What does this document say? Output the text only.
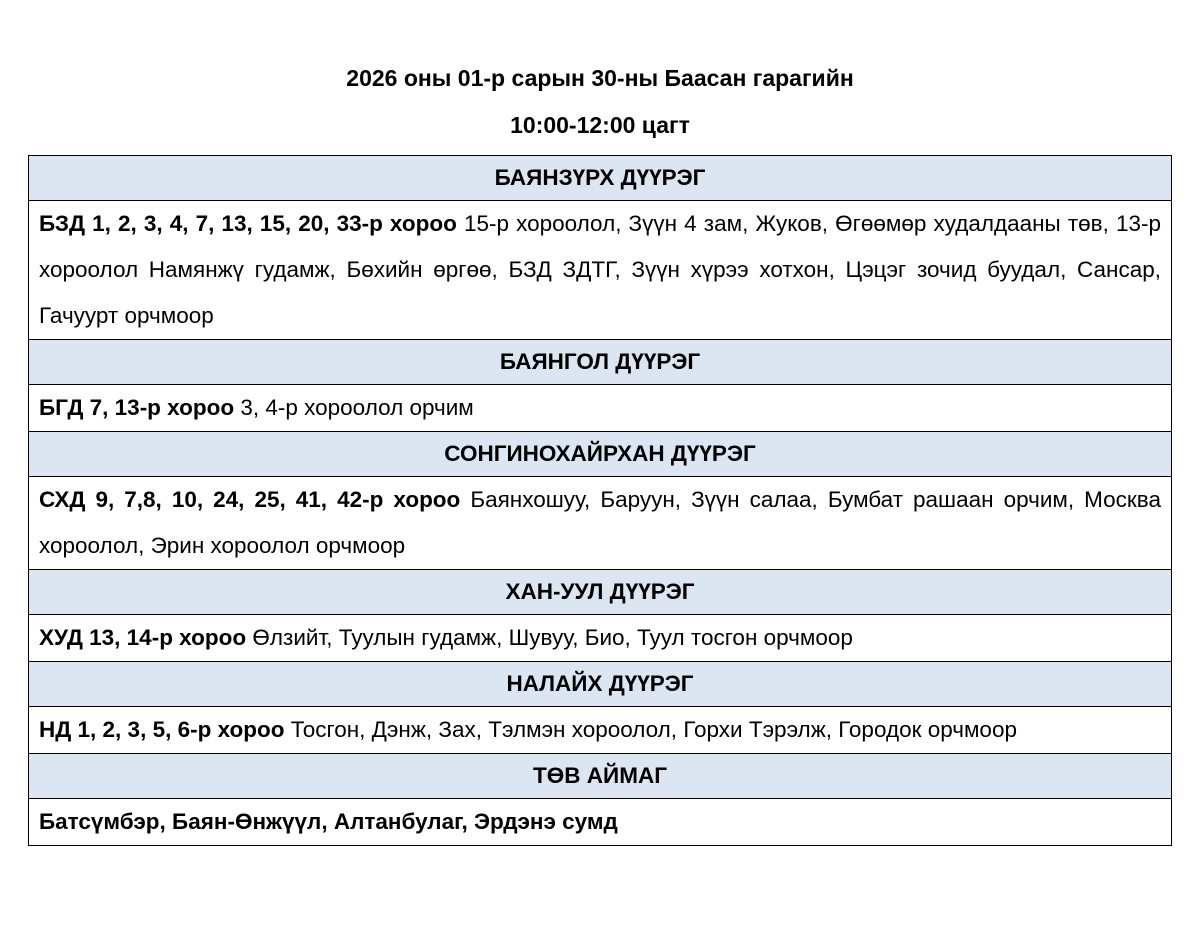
2026 оны 01-р сарын 30-ны Баасан гарагийн
10:00-12:00 цагт
БАЯНЗҮРХ ДҮҮРЭГ
БЗД 1, 2, 3, 4, 7, 13, 15, 20, 33-р хороо 15-р хороолол, Зүүн 4 зам, Жуков, Өгөөмөр худалдааны төв, 13-р хороолол Намянжү гудамж, Бөхийн өргөө, БЗД ЗДТГ, Зүүн хүрээ хотхон, Цэцэг зочид буудал, Сансар, Гачуурт орчмоор
БАЯНГОЛ ДҮҮРЭГ
БГД 7, 13-р хороо 3, 4-р хороолол орчим
СОНГИНОХАЙРХАН ДҮҮРЭГ
СХД 9, 7,8, 10, 24, 25, 41, 42-р хороо Баянхошуу, Баруун, Зүүн салаа, Бумбат рашаан орчим, Москва хороолол, Эрин хороолол орчмоор
ХАН-УУЛ ДҮҮРЭГ
ХУД 13, 14-р хороо Өлзийт, Туулын гудамж, Шувуу, Био, Туул тосгон орчмоор
НАЛАЙХ ДҮҮРЭГ
НД 1, 2, 3, 5, 6-р хороо Тосгон, Дэнж, Зах, Тэлмэн хороолол, Горхи Тэрэлж, Городок орчмоор
ТӨВ АЙМАГ
Батсүмбэр, Баян-Өнжүүл, Алтанбулаг, Эрдэнэ сумд
